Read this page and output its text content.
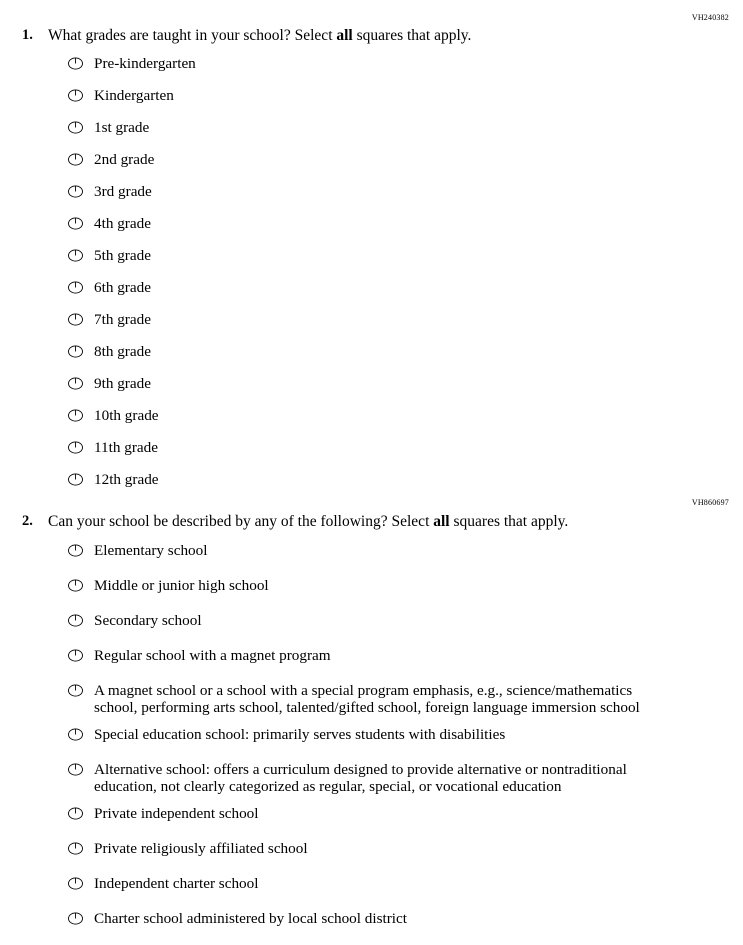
VH240382
1. What grades are taught in your school? Select all squares that apply.
Pre-kindergarten
Kindergarten
1st grade
2nd grade
3rd grade
4th grade
5th grade
6th grade
7th grade
8th grade
9th grade
10th grade
11th grade
12th grade
VH860697
2. Can your school be described by any of the following? Select all squares that apply.
Elementary school
Middle or junior high school
Secondary school
Regular school with a magnet program
A magnet school or a school with a special program emphasis, e.g., science/mathematics
school, performing arts school, talented/gifted school, foreign language immersion school
Special education school: primarily serves students with disabilities
Alternative school: offers a curriculum designed to provide alternative or nontraditional
education, not clearly categorized as regular, special, or vocational education
Private independent school
Private religiously affiliated school
Independent charter school
Charter school administered by local school district
